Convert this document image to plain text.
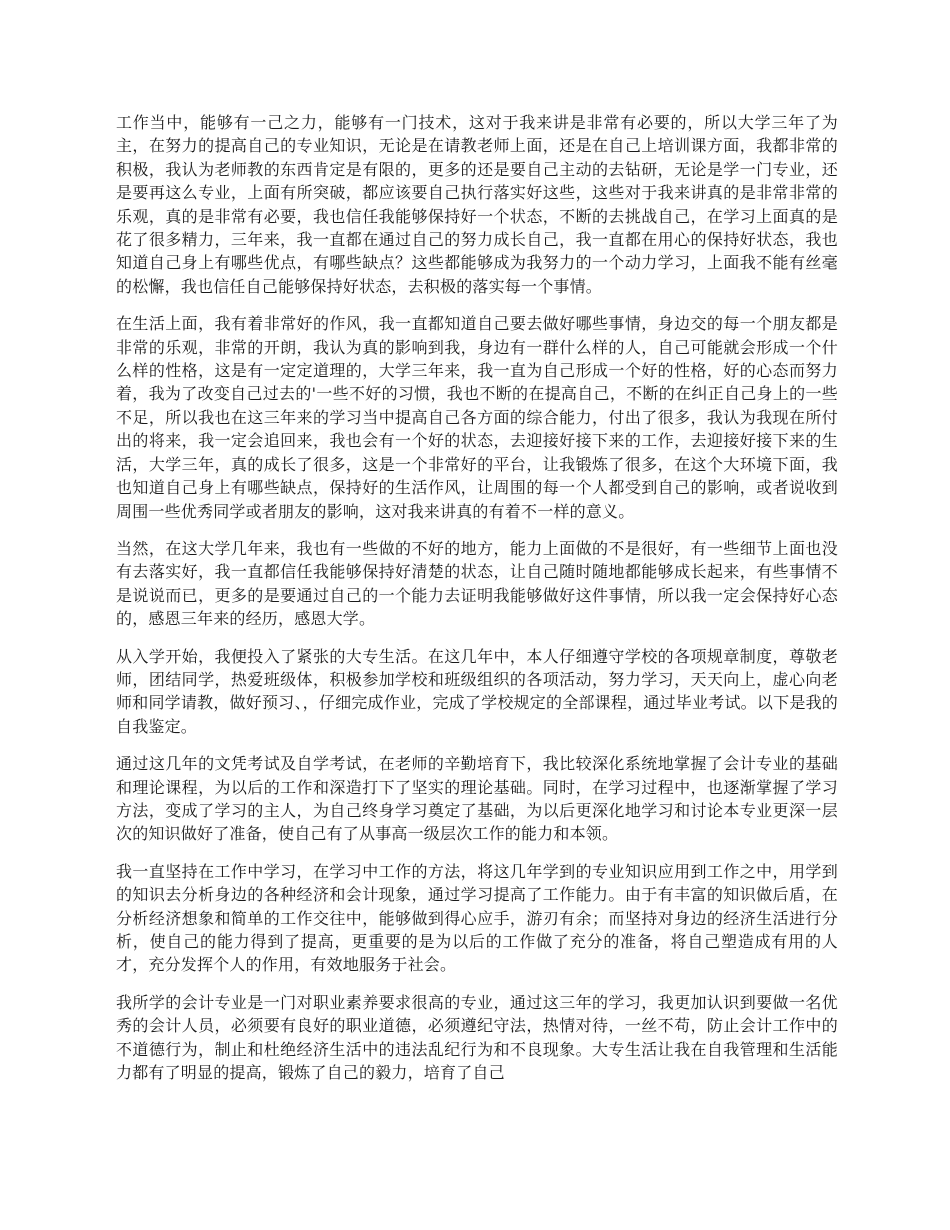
工作当中，能够有一己之力，能够有一门技术，这对于我来讲是非常有必要的，所以大学三年了为主，在努力的提高自己的专业知识，无论是在请教老师上面，还是在自己上培训课方面，我都非常的积极，我认为老师教的东西肯定是有限的，更多的还是要自己主动的去钻研，无论是学一门专业，还是要再这么专业，上面有所突破，都应该要自己执行落实好这些，这些对于我来讲真的是非常非常的乐观，真的是非常有必要，我也信任我能够保持好一个状态，不断的去挑战自己，在学习上面真的是花了很多精力，三年来，我一直都在通过自己的努力成长自己，我一直都在用心的保持好状态，我也知道自己身上有哪些优点，有哪些缺点？这些都能够成为我努力的一个动力学习，上面我不能有丝毫的松懈，我也信任自己能够保持好状态，去积极的落实每一个事情。

在生活上面，我有着非常好的作风，我一直都知道自己要去做好哪些事情，身边交的每一个朋友都是非常的乐观，非常的开朗，我认为真的影响到我，身边有一群什么样的人，自己可能就会形成一个什么样的性格，这是有一定定道理的，大学三年来，我一直为自己形成一个好的性格，好的心态而努力着，我为了改变自己过去的'一些不好的习惯，我也不断的在提高自己，不断的在纠正自己身上的一些不足，所以我也在这三年来的学习当中提高自己各方面的综合能力，付出了很多，我认为我现在所付出的将来，我一定会追回来，我也会有一个好的状态，去迎接好接下来的工作，去迎接好接下来的生活，大学三年，真的成长了很多，这是一个非常好的平台，让我锻炼了很多，在这个大环境下面，我也知道自己身上有哪些缺点，保持好的生活作风，让周围的每一个人都受到自己的影响，或者说收到周围一些优秀同学或者朋友的影响，这对我来讲真的有着不一样的意义。

当然，在这大学几年来，我也有一些做的不好的地方，能力上面做的不是很好，有一些细节上面也没有去落实好，我一直都信任我能够保持好清楚的状态，让自己随时随地都能够成长起来，有些事情不是说说而已，更多的是要通过自己的一个能力去证明我能够做好这件事情，所以我一定会保持好心态的，感恩三年来的经历，感恩大学。

从入学开始，我便投入了紧张的大专生活。在这几年中，本人仔细遵守学校的各项规章制度，尊敬老师，团结同学，热爱班级体，积极参加学校和班级组织的各项活动，努力学习，天天向上，虚心向老师和同学请教，做好预习、，仔细完成作业，完成了学校规定的全部课程，通过毕业考试。以下是我的自我鉴定。

通过这几年的文凭考试及自学考试，在老师的辛勤培育下，我比较深化系统地掌握了会计专业的基础和理论课程，为以后的工作和深造打下了坚实的理论基础。同时，在学习过程中，也逐渐掌握了学习方法，变成了学习的主人，为自己终身学习奠定了基础，为以后更深化地学习和讨论本专业更深一层次的知识做好了准备，使自己有了从事高一级层次工作的能力和本领。

我一直坚持在工作中学习，在学习中工作的方法，将这几年学到的专业知识应用到工作之中，用学到的知识去分析身边的各种经济和会计现象，通过学习提高了工作能力。由于有丰富的知识做后盾，在分析经济想象和简单的工作交往中，能够做到得心应手，游刃有余；而坚持对身边的经济生活进行分析，使自己的能力得到了提高，更重要的是为以后的工作做了充分的准备，将自己塑造成有用的人才，充分发挥个人的作用，有效地服务于社会。

我所学的会计专业是一门对职业素养要求很高的专业，通过这三年的学习，我更加认识到要做一名优秀的会计人员，必须要有良好的职业道德，必须遵纪守法，热情对待，一丝不苟，防止会计工作中的不道德行为，制止和杜绝经济生活中的违法乱纪行为和不良现象。大专生活让我在自我管理和生活能力都有了明显的提高，锻炼了自己的毅力，培育了自己
